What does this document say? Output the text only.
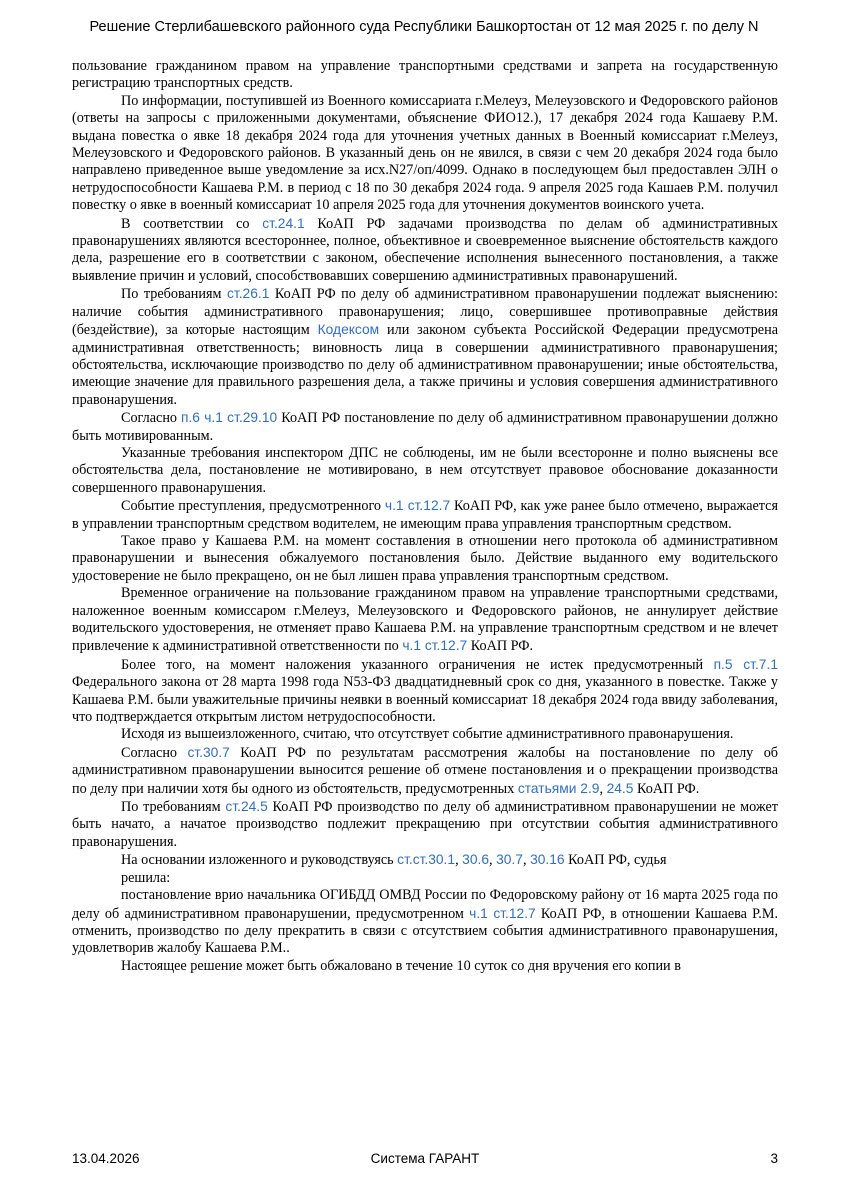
Решение Стерлибашевского районного суда Республики Башкортостан от 12 мая 2025 г. по делу N

пользование гражданином правом на управление транспортными средствами и запрета на государственную регистрацию транспортных средств.

По информации, поступившей из Военного комиссариата г.Мелеуз, Мелеузовского и Федоровского районов (ответы на запросы с приложенными документами, объяснение ФИО12.), 17 декабря 2024 года Кашаеву Р.М. выдана повестка о явке 18 декабря 2024 года для уточнения учетных данных в Военный комиссариат г.Мелеуз, Мелеузовского и Федоровского районов. В указанный день он не явился, в связи с чем 20 декабря 2024 года было направлено приведенное выше уведомление за исх.N27/оп/4099. Однако в последующем был предоставлен ЭЛН о нетрудоспособности Кашаева Р.М. в период с 18 по 30 декабря 2024 года. 9 апреля 2025 года Кашаев Р.М. получил повестку о явке в военный комиссариат 10 апреля 2025 года для уточнения документов воинского учета.

В соответствии со ст.24.1 КоАП РФ задачами производства по делам об административных правонарушениях являются всестороннее, полное, объективное и своевременное выяснение обстоятельств каждого дела, разрешение его в соответствии с законом, обеспечение исполнения вынесенного постановления, а также выявление причин и условий, способствовавших совершению административных правонарушений.

По требованиям ст.26.1 КоАП РФ по делу об административном правонарушении подлежат выяснению: наличие события административного правонарушения; лицо, совершившее противоправные действия (бездействие), за которые настоящим Кодексом или законом субъекта Российской Федерации предусмотрена административная ответственность; виновность лица в совершении административного правонарушения; обстоятельства, исключающие производство по делу об административном правонарушении; иные обстоятельства, имеющие значение для правильного разрешения дела, а также причины и условия совершения административного правонарушения.

Согласно п.6 ч.1 ст.29.10 КоАП РФ постановление по делу об административном правонарушении должно быть мотивированным.

Указанные требования инспектором ДПС не соблюдены, им не были всесторонне и полно выяснены все обстоятельства дела, постановление не мотивировано, в нем отсутствует правовое обоснование доказанности совершенного правонарушения.

Событие преступления, предусмотренного ч.1 ст.12.7 КоАП РФ, как уже ранее было отмечено, выражается в управлении транспортным средством водителем, не имеющим права управления транспортным средством.

Такое право у Кашаева Р.М. на момент составления в отношении него протокола об административном правонарушении и вынесения обжалуемого постановления было. Действие выданного ему водительского удостоверение не было прекращено, он не был лишен права управления транспортным средством.

Временное ограничение на пользование гражданином правом на управление транспортными средствами, наложенное военным комиссаром г.Мелеуз, Мелеузовского и Федоровского районов, не аннулирует действие водительского удостоверения, не отменяет право Кашаева Р.М. на управление транспортным средством и не влечет привлечение к административной ответственности по ч.1 ст.12.7 КоАП РФ.

Более того, на момент наложения указанного ограничения не истек предусмотренный п.5 ст.7.1 Федерального закона от 28 марта 1998 года N53-ФЗ двадцатидневный срок со дня, указанного в повестке. Также у Кашаева Р.М. были уважительные причины неявки в военный комиссариат 18 декабря 2024 года ввиду заболевания, что подтверждается открытым листом нетрудоспособности.

Исходя из вышеизложенного, считаю, что отсутствует событие административного правонарушения.

Согласно ст.30.7 КоАП РФ по результатам рассмотрения жалобы на постановление по делу об административном правонарушении выносится решение об отмене постановления и о прекращении производства по делу при наличии хотя бы одного из обстоятельств, предусмотренных статьями 2.9, 24.5 КоАП РФ.

По требованиям ст.24.5 КоАП РФ производство по делу об административном правонарушении не может быть начато, а начатое производство подлежит прекращению при отсутствии события административного правонарушения.

На основании изложенного и руководствуясь ст.ст.30.1, 30.6, 30.7, 30.16 КоАП РФ, судья

решила:

постановление врио начальника ОГИБДД ОМВД России по Федоровскому району от 16 марта 2025 года по делу об административном правонарушении, предусмотренном ч.1 ст.12.7 КоАП РФ, в отношении Кашаева Р.М. отменить, производство по делу прекратить в связи с отсутствием события административного правонарушения, удовлетворив жалобу Кашаева Р.М..

Настоящее решение может быть обжаловано в течение 10 суток со дня вручения его копии в

13.04.2026	Система ГАРАНТ	3
